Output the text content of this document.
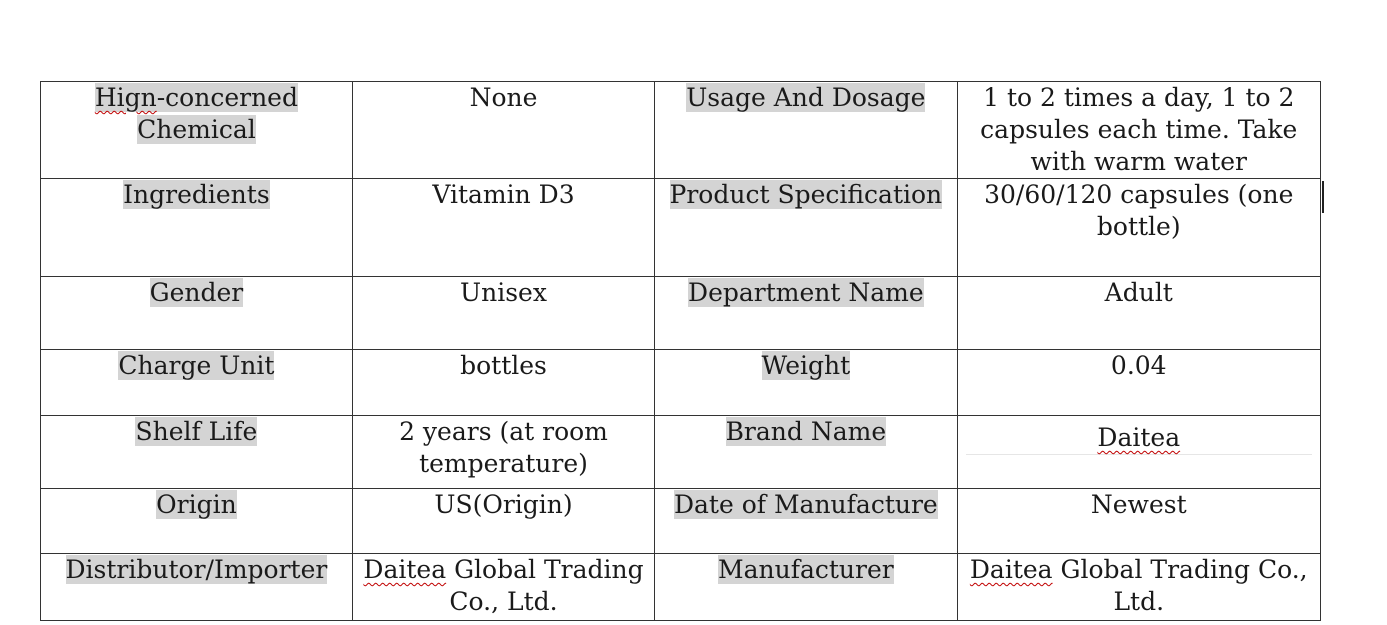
Hign-concerned Chemical	None	Usage And Dosage	1 to 2 times a day, 1 to 2 capsules each time. Take with warm water
Ingredients	Vitamin D3	Product Specification	30/60/120 capsules (one bottle)
Gender	Unisex	Department Name	Adult
Charge Unit	bottles	Weight	0.04
Shelf Life	2 years (at room temperature)	Brand Name	Daitea

Origin	US(Origin)	Date of Manufacture	Newest
Distributor/Importer	Daitea Global Trading Co., Ltd.	Manufacturer	Daitea Global Trading Co., Ltd.
